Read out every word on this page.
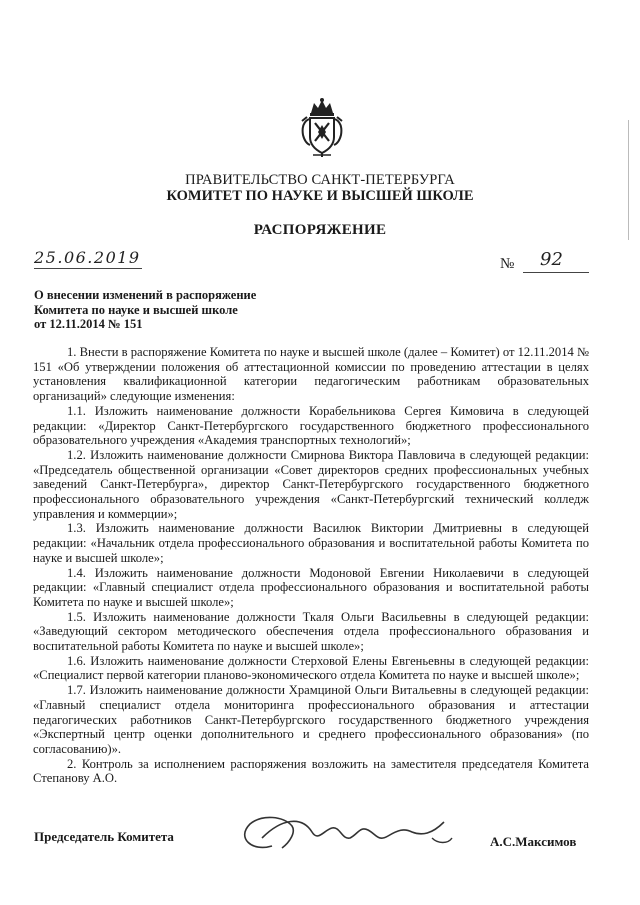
ПРАВИТЕЛЬСТВО САНКТ-ПЕТЕРБУРГА
КОМИТЕТ ПО НАУКЕ И ВЫСШЕЙ ШКОЛЕ
РАСПОРЯЖЕНИЕ
25.06.2019	№ 92
О внесении изменений в распоряжение
Комитета по науке и высшей школе
от 12.11.2014 № 151

1. Внести в распоряжение Комитета по науке и высшей школе (далее – Комитет) от 12.11.2014 № 151 «Об утверждении положения об аттестационной комиссии по проведению аттестации в целях установления квалификационной категории педагогическим работникам образовательных организаций» следующие изменения:

1.1. Изложить наименование должности Корабельникова Сергея Кимовича в следующей редакции: «Директор Санкт-Петербургского государственного бюджетного профессионального образовательного учреждения «Академия транспортных технологий»;

1.2. Изложить наименование должности Смирнова Виктора Павловича в следующей редакции: «Председатель общественной организации «Совет директоров средних профессиональных учебных заведений Санкт-Петербурга», директор Санкт-Петербургского государственного бюджетного профессионального образовательного учреждения «Санкт-Петербургский технический колледж управления и коммерции»;

1.3. Изложить наименование должности Василюк Виктории Дмитриевны в следующей редакции: «Начальник отдела профессионального образования и воспитательной работы Комитета по науке и высшей школе»;

1.4. Изложить наименование должности Модоновой Евгении Николаевичи в следующей редакции: «Главный специалист отдела профессионального образования и воспитательной работы Комитета по науке и высшей школе»;

1.5. Изложить наименование должности Ткаля Ольги Васильевны в следующей редакции: «Заведующий сектором методического обеспечения отдела профессионального образования и воспитательной работы Комитета по науке и высшей школе»;

1.6. Изложить наименование должности Стерховой Елены Евгеньевны в следующей редакции: «Специалист первой категории планово-экономического отдела Комитета по науке и высшей школе»;

1.7. Изложить наименование должности Храмциной Ольги Витальевны в следующей редакции: «Главный специалист отдела мониторинга профессионального образования и аттестации педагогических работников Санкт-Петербургского государственного бюджетного учреждения «Экспертный центр оценки дополнительного и среднего профессионального образования» (по согласованию)».

2. Контроль за исполнением распоряжения возложить на заместителя председателя Комитета Степанову А.О.

Председатель Комитета	А.С.Максимов
